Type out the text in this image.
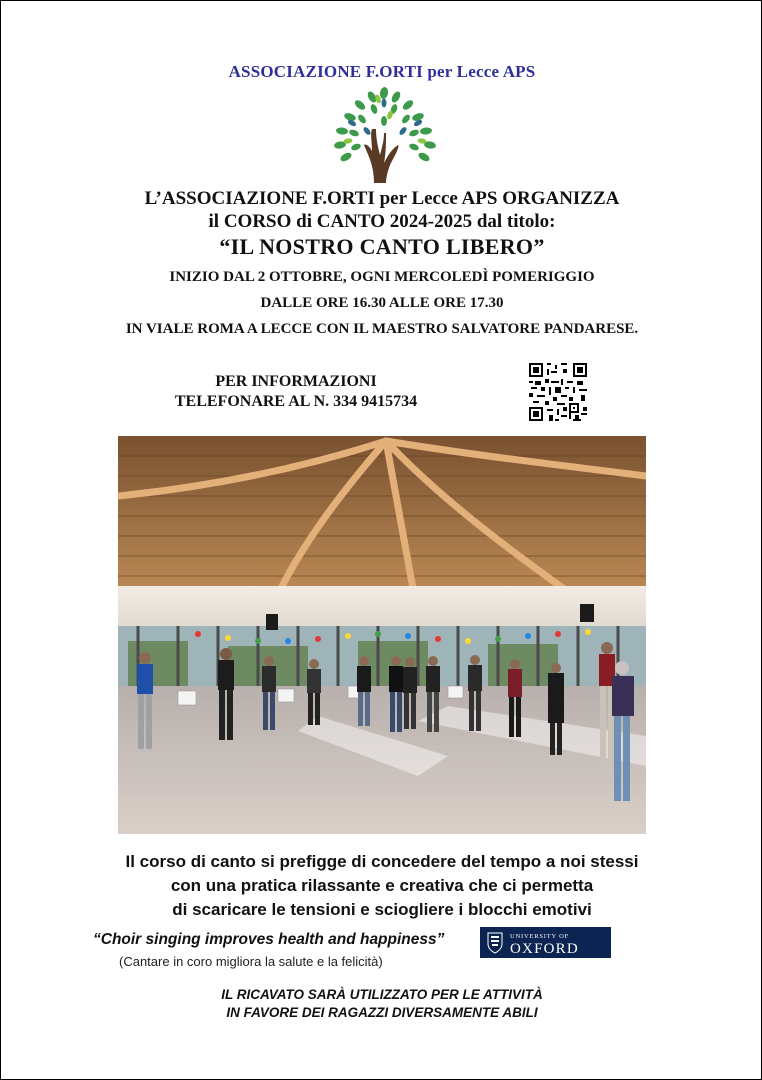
ASSOCIAZIONE F.ORTI per Lecce APS
L’ASSOCIAZIONE F.ORTI per Lecce APS ORGANIZZA
il CORSO di CANTO 2024-2025 dal titolo:
“IL NOSTRO CANTO LIBERO”
INIZIO DAL 2 OTTOBRE, OGNI MERCOLEDÌ POMERIGGIO
DALLE ORE 16.30 ALLE ORE 17.30
IN VIALE ROMA A LECCE CON IL MAESTRO SALVATORE PANDARESE.
PER INFORMAZIONI
TELEFONARE AL N. 334 9415734
Il corso di canto si prefigge di concedere del tempo a noi stessi
con una pratica rilassante e creativa che ci permetta
di scaricare le tensioni e sciogliere i blocchi emotivi
“Choir singing improves health and happiness”
(Cantare in coro migliora la salute e la felicità)
UNIVERSITY OF
OXFORD
IL RICAVATO SARÀ UTILIZZATO PER LE ATTIVITÀ
IN FAVORE DEI RAGAZZI DIVERSAMENTE ABILI
